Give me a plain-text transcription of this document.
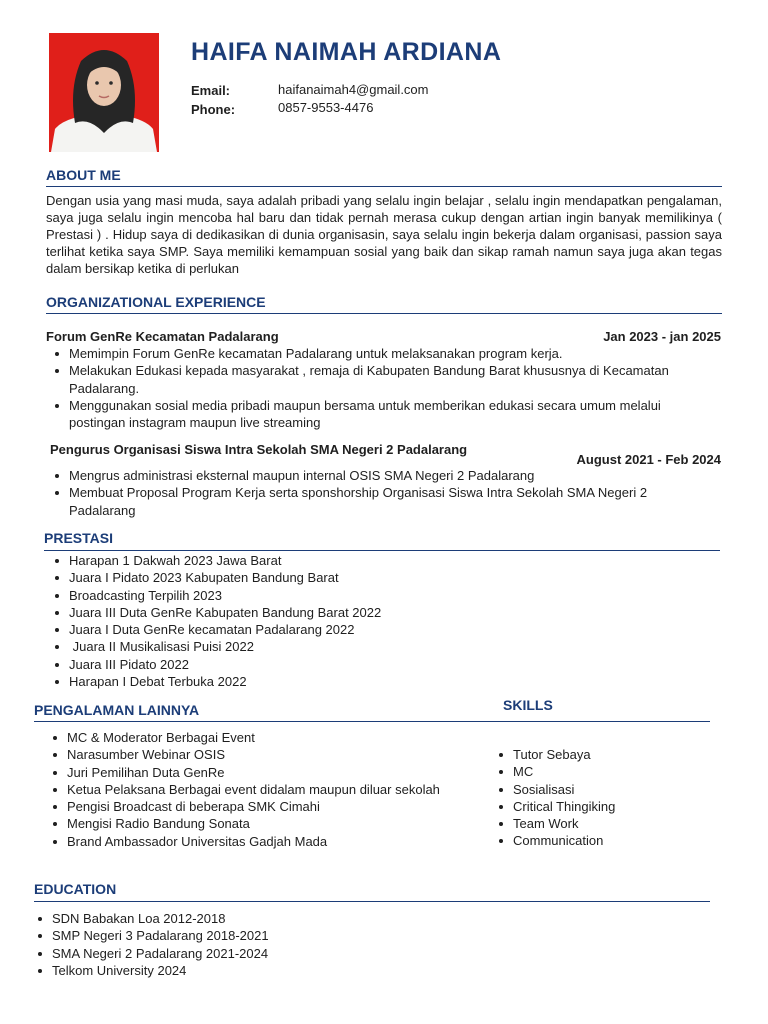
HAIFA NAIMAH ARDIANA
Email:	haifanaimah4@gmail.com
Phone:	0857-9553-4476
ABOUT ME

Dengan usia yang masi muda, saya adalah pribadi yang selalu ingin belajar , selalu ingin mendapatkan pengalaman, saya juga selalu ingin mencoba hal baru dan tidak pernah merasa cukup dengan artian ingin banyak memilikinya ( Prestasi ) . Hidup saya di dedikasikan di dunia organisasin, saya selalu ingin bekerja dalam organisasi, passion saya terlihat ketika saya SMP. Saya memiliki kemampuan sosial yang baik dan sikap ramah namun saya juga akan tegas dalam bersikap ketika di perlukan

ORGANIZATIONAL EXPERIENCE
Forum GenRe Kecamatan Padalarang	Jan 2023 - jan 2025
Memimpin Forum GenRe kecamatan Padalarang untuk melaksanakan program kerja.
Melakukan Edukasi kepada masyarakat , remaja di Kabupaten Bandung Barat khususnya di Kecamatan Padalarang.
Menggunakan sosial media pribadi maupun bersama untuk memberikan edukasi secara umum melalui postingan instagram maupun live streaming
Pengurus Organisasi Siswa Intra Sekolah SMA Negeri 2 Padalarang
August 2021 - Feb 2024
Mengrus administrasi eksternal maupun internal OSIS SMA Negeri 2 Padalarang
Membuat Proposal Program Kerja serta sponshorship Organisasi Siswa Intra Sekolah SMA Negeri 2 Padalarang
PRESTASI
Harapan 1 Dakwah 2023 Jawa Barat
Juara I Pidato 2023 Kabupaten Bandung Barat
Broadcasting Terpilih 2023
Juara III Duta GenRe Kabupaten Bandung Barat 2022
Juara I Duta GenRe kecamatan Padalarang 2022
Juara II Musikalisasi Puisi 2022
Juara III Pidato 2022
Harapan I Debat Terbuka 2022
PENGALAMAN LAINNYA
MC & Moderator Berbagai Event
Narasumber Webinar OSIS
Juri Pemilihan Duta GenRe
Ketua Pelaksana Berbagai event didalam maupun diluar sekolah
Pengisi Broadcast di beberapa SMK Cimahi
Mengisi Radio Bandung Sonata
Brand Ambassador Universitas Gadjah Mada
SKILLS
Tutor Sebaya
MC
Sosialisasi
Critical Thingiking
Team Work
Communication
EDUCATION
SDN Babakan Loa 2012-2018
SMP Negeri 3 Padalarang 2018-2021
SMA Negeri 2 Padalarang 2021-2024
Telkom University 2024
